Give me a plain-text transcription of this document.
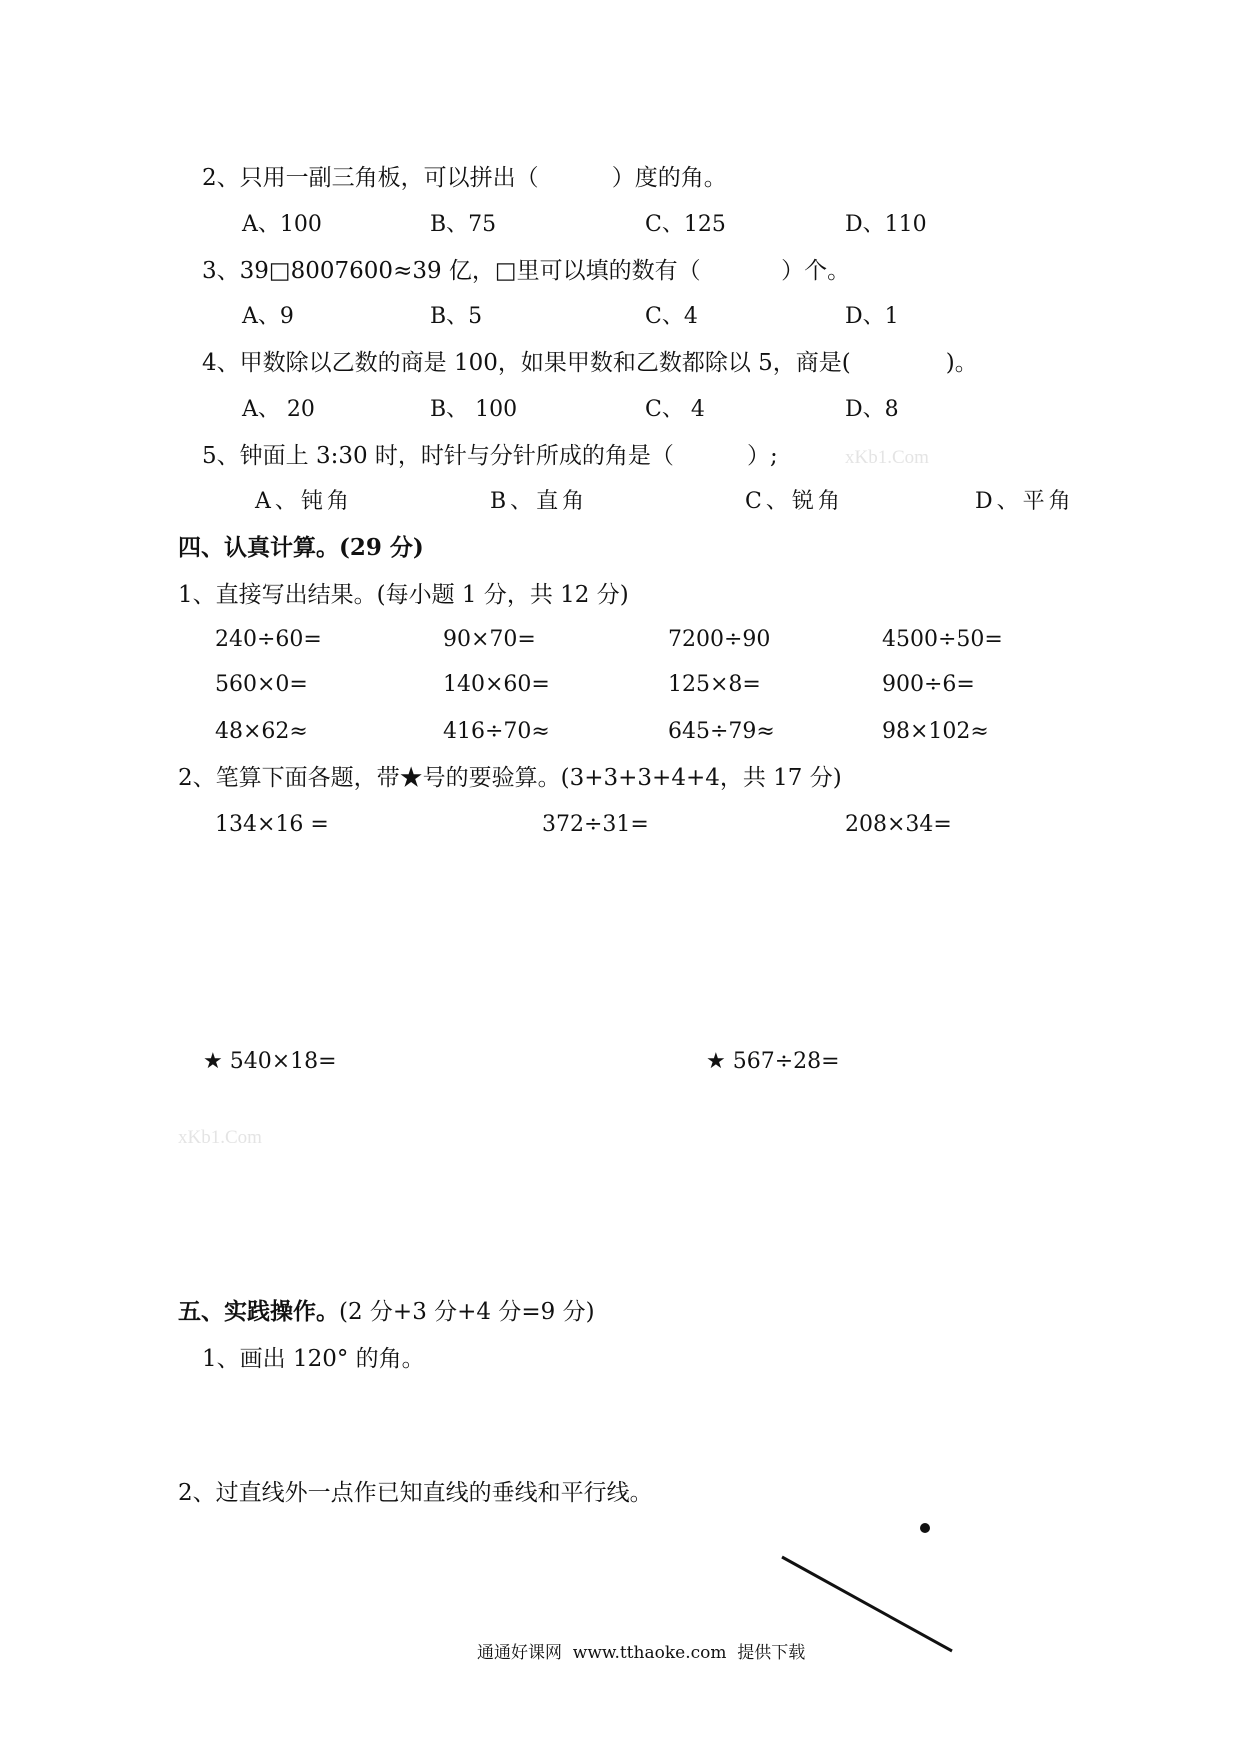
2、只用一副三角板，可以拼出（          ）度的角。
A、100	B、75	C、125	D、110
3、39□8007600≈39 亿，□里可以填的数有（           ）个。
A、9	B、5	C、4	D、1
4、甲数除以乙数的商是 100，如果甲数和乙数都除以 5，商是(             )。
A、 20	B、 100	C、 4	D、8
5、钟面上 3:30 时，时针与分针所成的角是（          ）;	xKb1.Com
A、钝角	B、直角	C、锐角	D、平角
四、认真计算。(29 分)
1、直接写出结果。(每小题 1 分，共 12 分)
240÷60=	90×70=	7200÷90	4500÷50=
560×0=	140×60=	125×8=	900÷6=
48×62≈	416÷70≈	645÷79≈	98×102≈
2、笔算下面各题，带★号的要验算。(3+3+3+4+4，共 17 分)
134×16 =	372÷31=	208×34=
★ 540×18=	★ 567÷28=
xKb1.Com
五、实践操作。(2 分+3 分+4 分=9 分)
1、画出 120° 的角。
2、过直线外一点作已知直线的垂线和平行线。
通通好课网  www.tthaoke.com  提供下载
